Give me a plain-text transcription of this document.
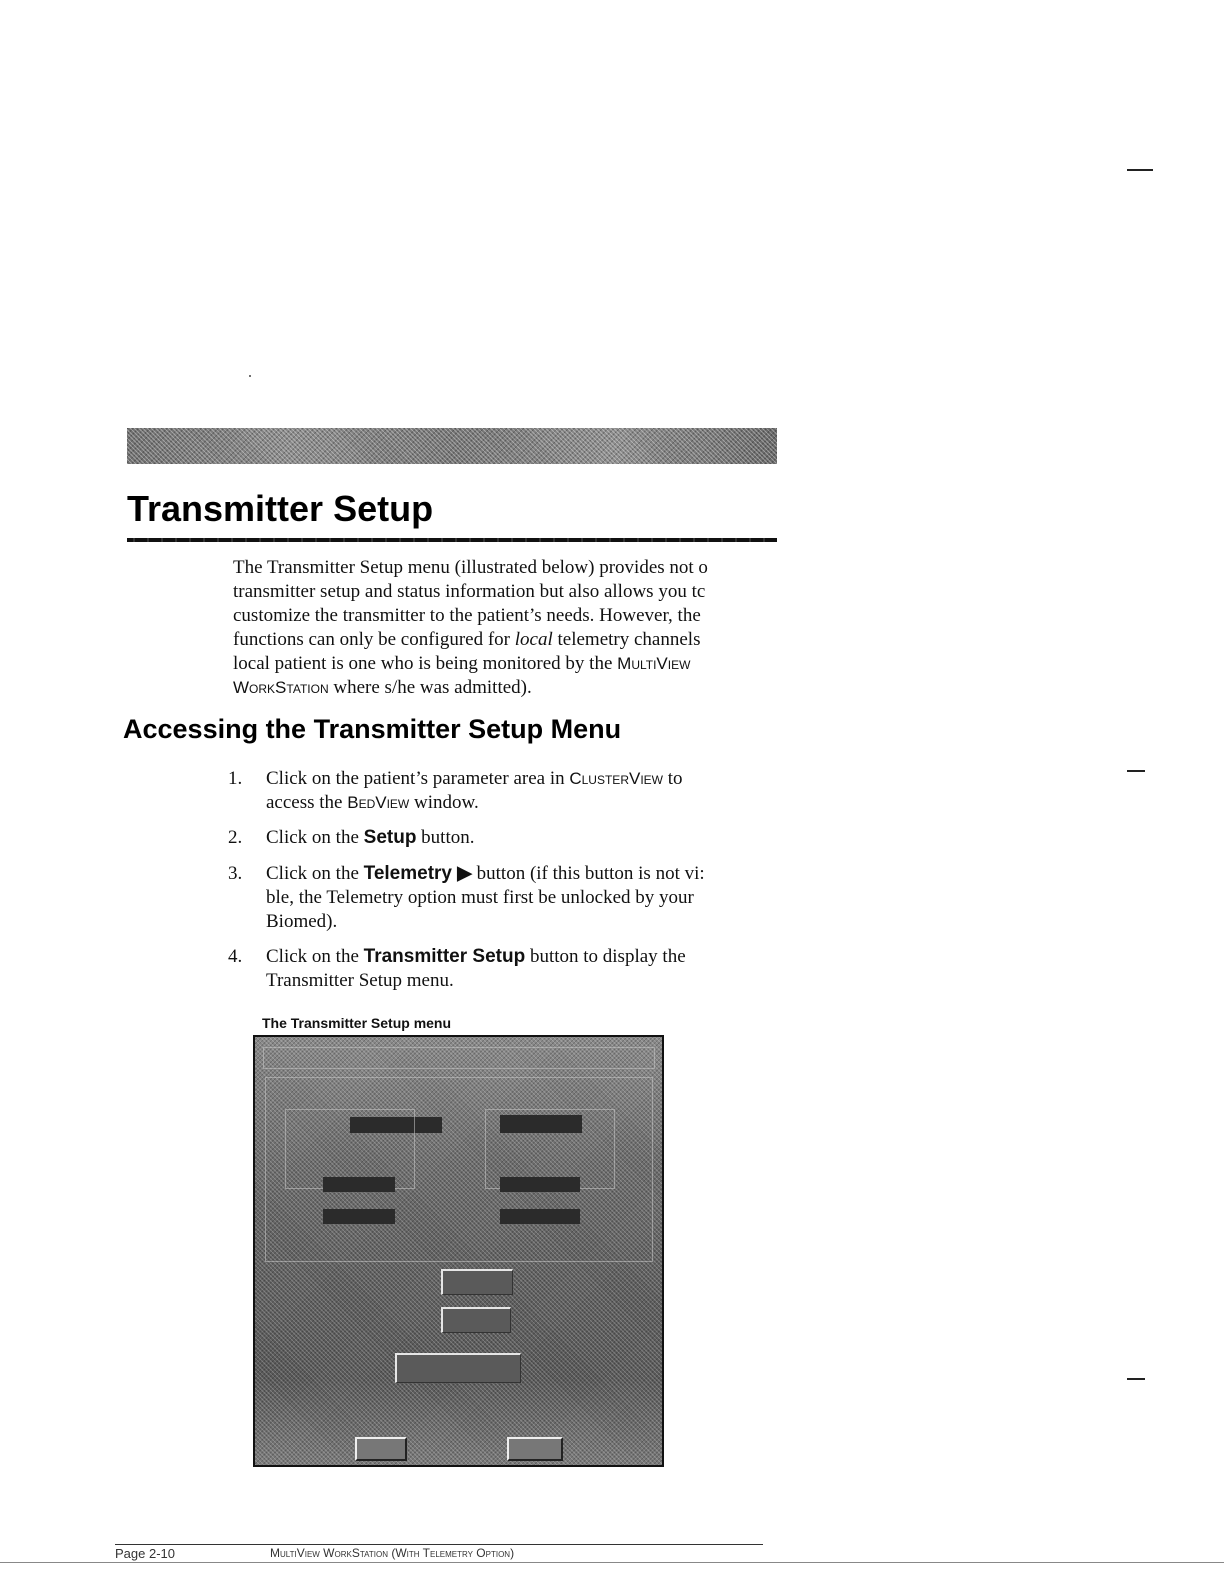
Transmitter Setup
The Transmitter Setup menu (illustrated below) provides not o
transmitter setup and status information but also allows you tc
customize the transmitter to the patient’s needs. However, the
functions can only be configured for local telemetry channels
local patient is one who is being monitored by the MultiView
WorkStation where s/he was admitted).
Accessing the Transmitter Setup Menu
1.	Click on the patient’s parameter area in ClusterView to
access the BedView window.
2.	Click on the Setup button.
3.	Click on the Telemetry ▶ button (if this button is not vi:
ble, the Telemetry option must first be unlocked by your
Biomed).
4.	Click on the Transmitter Setup button to display the
Transmitter Setup menu.
The Transmitter Setup menu
Page 2-10	MultiView WorkStation (With Telemetry Option)
